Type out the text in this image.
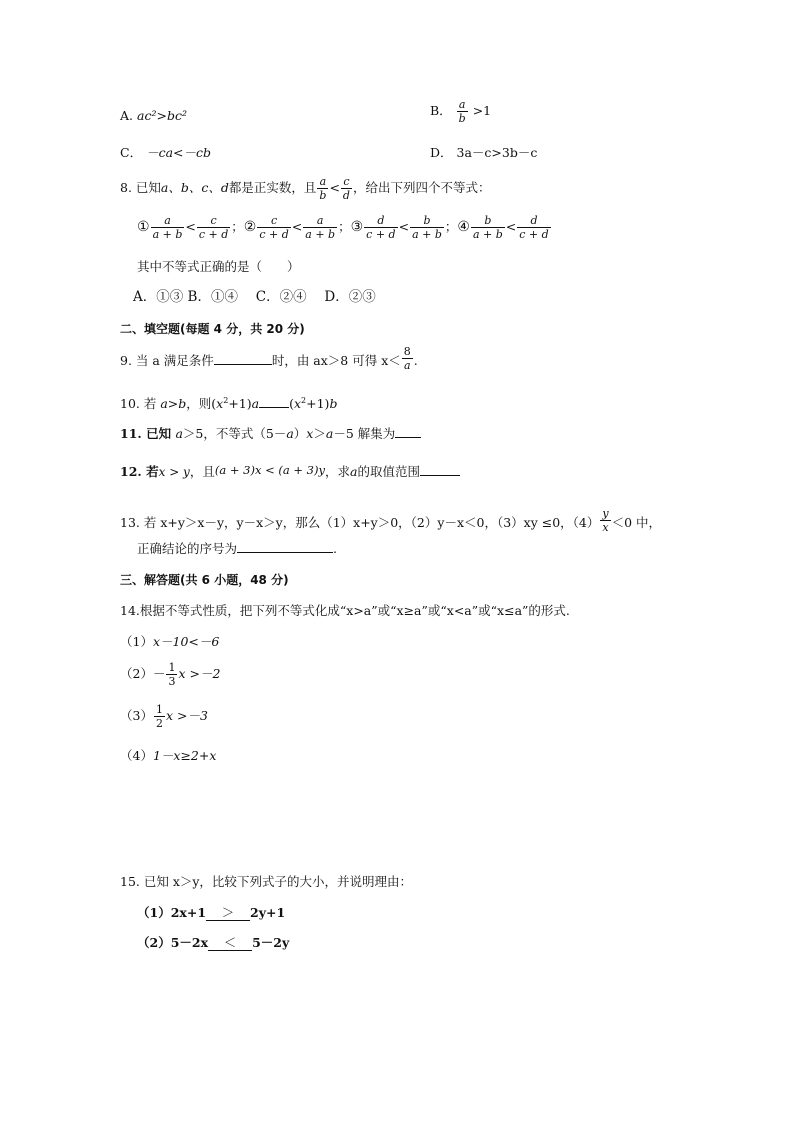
A. ac²>bc²	B． $\frac{a}{b} >1$
C． －ca<－cb	D． 3a－c>3b－c
8. 已知a、b、c、d都是正实数，且 $\frac{a}{b} < \frac{c}{d}$ ，给出下列四个不等式：
① $\frac{a}{a + b} < \frac{c}{c + d}$ ；② $\frac{c}{c + d} < \frac{a}{a + b}$ ；③ $\frac{d}{c + d} < \frac{b}{a + b}$ ；④ $\frac{b}{a + b} < \frac{d}{c + d}$
其中不等式正确的是（　　）
A．①③ B．①④ 　C．②④ 　D．②③
二、填空题(每题 4 分，共 20 分)
9. 当 a 满足条件	时，由 ax＞8 可得 $x< \frac{8}{a}$ .
10. 若 a>b，则$(x^2+1)a$ $(x^2+1)b$
11. 已知 a＞5，不等式（5－a）x＞a－5 解集为
12. 若x > y，且(a + 3)x < (a + 3)y，求a的取值范围
13. 若 x+y＞x－y，y－x＞y，那么（1）x+y＞0，（2）y－x＜0，（3）xy ≤0，$(4) \frac{y}{x} <0$ 中，
正确结论的序号为	.
三、解答题(共 6 小题，48 分)
14.根据不等式性质，把下列不等式化成“x>a”或“x≥a”或“x<a”或“x≤a”的形式.
（1）x－10<－6
$(2)- \frac{1}{3}$ x >－2
$(3) \frac{1}{2}$ x >－3
（4）1－x≥2+x
15. 已知 x＞y，比较下列式子的大小，并说明理由：
（1）2x+1 ＞ 2y+1
（2）5－2x ＜ 5－2y
